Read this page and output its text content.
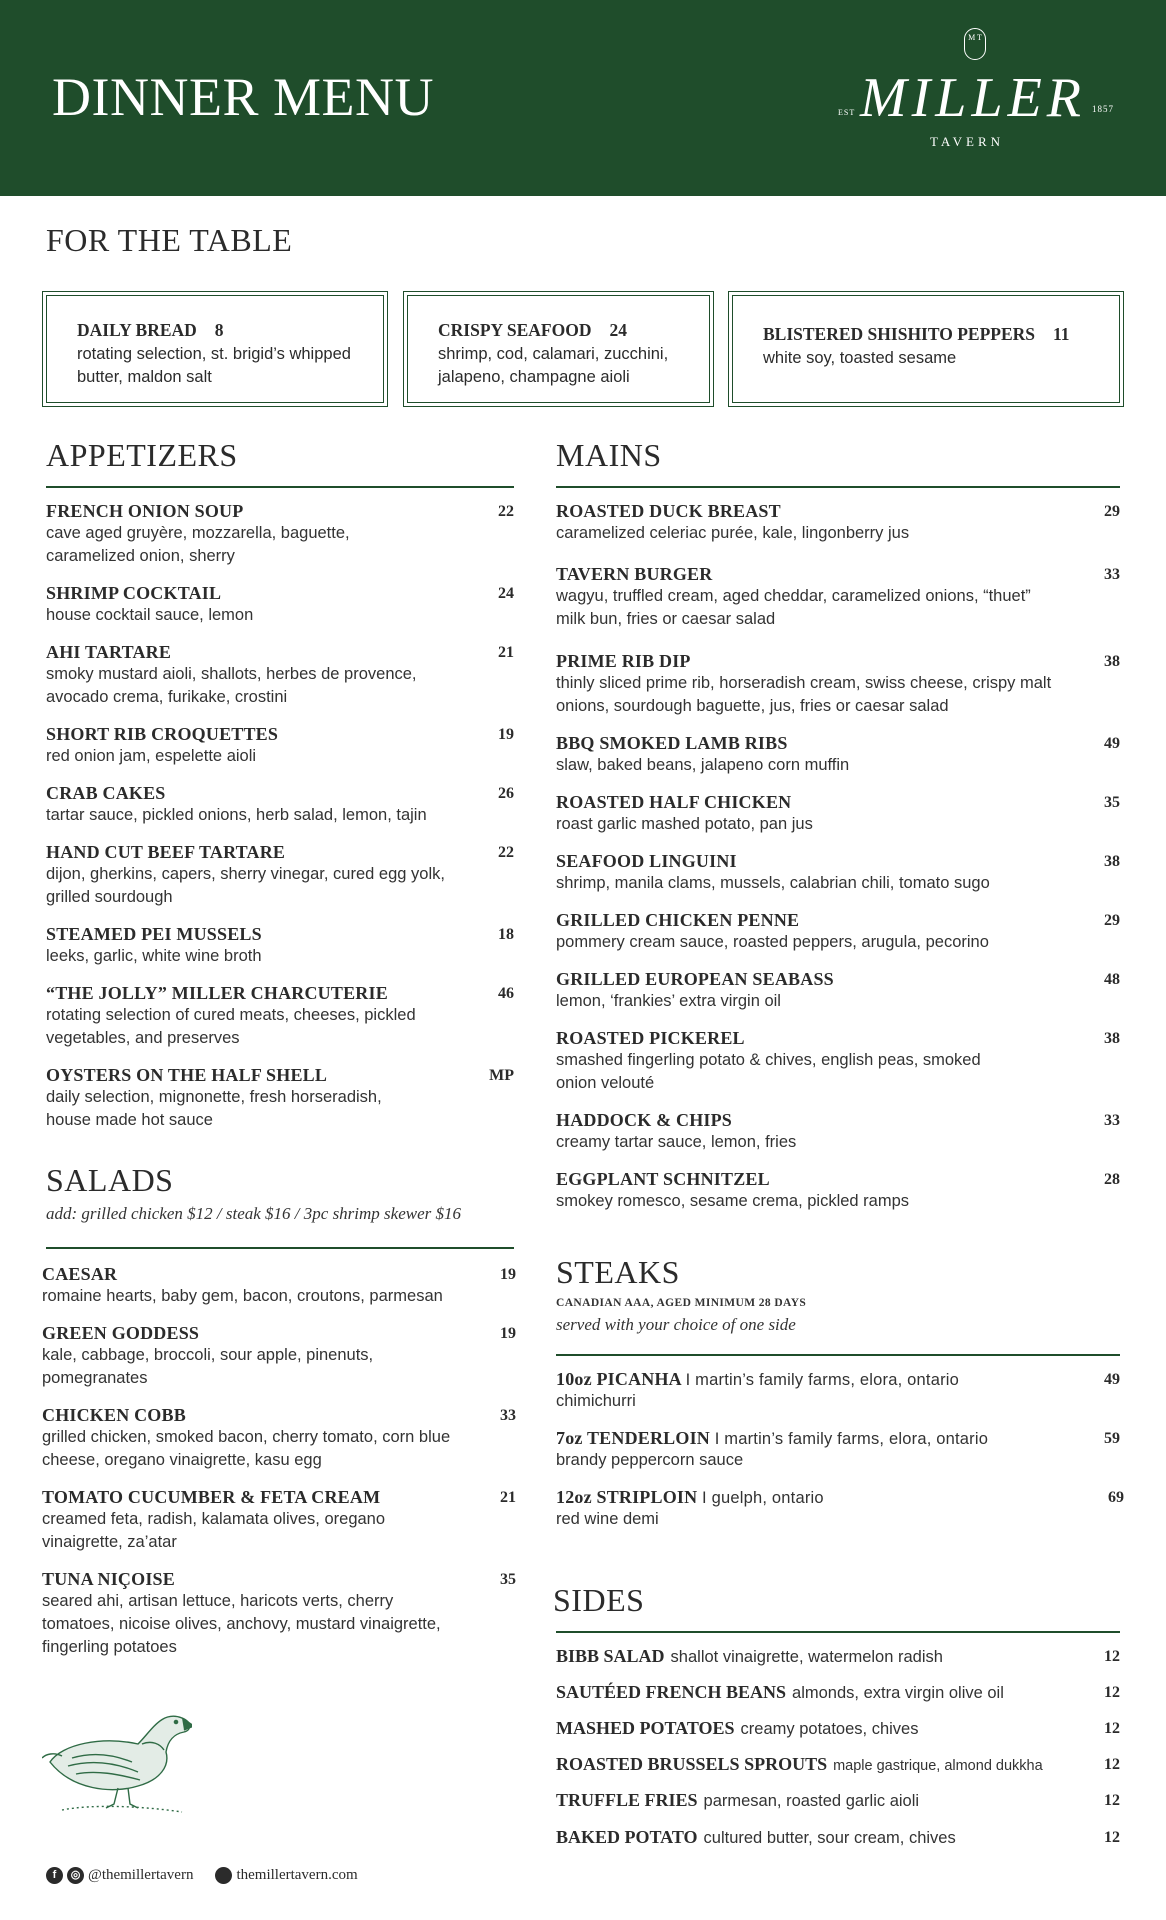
DINNER MENU
M T
EST MILLER 1857
TAVERN
FOR THE TABLE
DAILY BREAD 8
rotating selection, st. brigid’s whipped butter, maldon salt
CRISPY SEAFOOD 24
shrimp, cod, calamari, zucchini, jalapeno, champagne aioli
BLISTERED SHISHITO PEPPERS 11
white soy, toasted sesame
APPETIZERS
FRENCH ONION SOUP	22
cave aged gruyère, mozzarella, baguette, caramelized onion, sherry
SHRIMP COCKTAIL	24
house cocktail sauce, lemon
AHI TARTARE	21
smoky mustard aioli, shallots, herbes de provence, avocado crema, furikake, crostini
SHORT RIB CROQUETTES	19
red onion jam, espelette aioli
CRAB CAKES	26
tartar sauce, pickled onions, herb salad, lemon, tajin
HAND CUT BEEF TARTARE	22
dijon, gherkins, capers, sherry vinegar, cured egg yolk, grilled sourdough
STEAMED PEI MUSSELS	18
leeks, garlic, white wine broth
“THE JOLLY” MILLER CHARCUTERIE	46
rotating selection of cured meats, cheeses, pickled vegetables, and preserves
OYSTERS ON THE HALF SHELL	MP
daily selection, mignonette, fresh horseradish, house made hot sauce
SALADS
add: grilled chicken $12 / steak $16 / 3pc shrimp skewer $16
CAESAR	19
romaine hearts, baby gem, bacon, croutons, parmesan
GREEN GODDESS	19
kale, cabbage, broccoli, sour apple, pinenuts, pomegranates
CHICKEN COBB	33
grilled chicken, smoked bacon, cherry tomato, corn blue cheese, oregano vinaigrette, kasu egg
TOMATO CUCUMBER & FETA CREAM	21
creamed feta, radish, kalamata olives, oregano vinaigrette, za’atar
TUNA NIÇOISE	35
seared ahi, artisan lettuce, haricots verts, cherry tomatoes, nicoise olives, anchovy, mustard vinaigrette, fingerling potatoes
MAINS
ROASTED DUCK BREAST	29
caramelized celeriac purée, kale, lingonberry jus
TAVERN BURGER	33
wagyu, truffled cream, aged cheddar, caramelized onions, “thuet” milk bun, fries or caesar salad
PRIME RIB DIP	38
thinly sliced prime rib, horseradish cream, swiss cheese, crispy malt onions, sourdough baguette, jus, fries or caesar salad
BBQ SMOKED LAMB RIBS	49
slaw, baked beans, jalapeno corn muffin
ROASTED HALF CHICKEN	35
roast garlic mashed potato, pan jus
SEAFOOD LINGUINI	38
shrimp, manila clams, mussels, calabrian chili, tomato sugo
GRILLED CHICKEN PENNE	29
pommery cream sauce, roasted peppers, arugula, pecorino
GRILLED EUROPEAN SEABASS	48
lemon, ‘frankies’ extra virgin oil
ROASTED PICKEREL	38
smashed fingerling potato & chives, english peas, smoked onion velouté
HADDOCK & CHIPS	33
creamy tartar sauce, lemon, fries
EGGPLANT SCHNITZEL	28
smokey romesco, sesame crema, pickled ramps
STEAKS
CANADIAN AAA, AGED MINIMUM 28 DAYS
served with your choice of one side
10oz PICANHA I martin’s family farms, elora, ontario	49
chimichurri
7oz TENDERLOIN I martin’s family farms, elora, ontario	59
brandy peppercorn sauce
12oz STRIPLOIN I guelph, ontario	69
red wine demi
SIDES
BIBB SALAD shallot vinaigrette, watermelon radish	12
SAUTÉED FRENCH BEANS almonds, extra virgin olive oil	12
MASHED POTATOES creamy potatoes, chives	12
ROASTED BRUSSELS SPROUTS maple gastrique, almond dukkha	12
TRUFFLE FRIES parmesan, roasted garlic aioli	12
BAKED POTATO cultured butter, sour cream, chives	12
f	◎ @themillertavern	themillertavern.com
